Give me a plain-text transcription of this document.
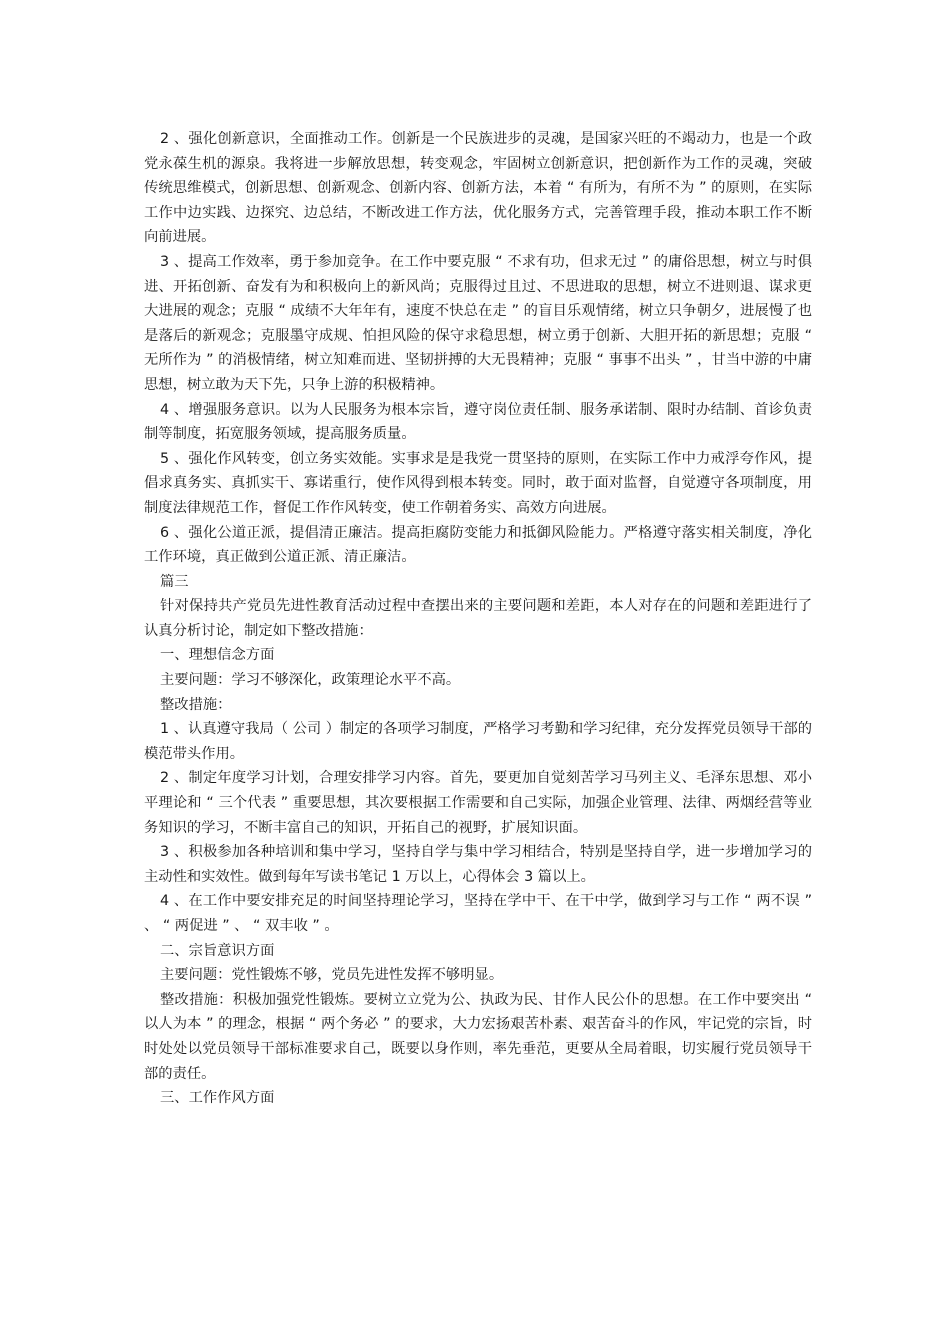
2 、强化创新意识，全面推动工作。创新是一个民族进步的灵魂，是国家兴旺的不竭动力，也是一个政党永葆生机的源泉。我将进一步解放思想，转变观念，牢固树立创新意识，把创新作为工作的灵魂，突破传统思维模式，创新思想、创新观念、创新内容、创新方法，本着 “ 有所为，有所不为 ” 的原则，在实际工作中边实践、边探究、边总结，不断改进工作方法，优化服务方式，完善管理手段，推动本职工作不断向前进展。

3 、提高工作效率，勇于参加竞争。在工作中要克服 “ 不求有功，但求无过 ” 的庸俗思想，树立与时俱进、开拓创新、奋发有为和积极向上的新风尚；克服得过且过、不思进取的思想，树立不进则退、谋求更大进展的观念；克服 “ 成绩不大年年有，速度不快总在走 ” 的盲目乐观情绪，树立只争朝夕，进展慢了也是落后的新观念；克服墨守成规、怕担风险的保守求稳思想，树立勇于创新、大胆开拓的新思想；克服 “ 无所作为 ” 的消极情绪，树立知难而进、坚韧拼搏的大无畏精神；克服 “ 事事不出头 ” ，甘当中游的中庸思想，树立敢为天下先，只争上游的积极精神。

4 、增强服务意识。以为人民服务为根本宗旨，遵守岗位责任制、服务承诺制、限时办结制、首诊负责制等制度，拓宽服务领域，提高服务质量。

5 、强化作风转变，创立务实效能。实事求是是我党一贯坚持的原则，在实际工作中力戒浮夸作风，提倡求真务实、真抓实干、寡诺重行，使作风得到根本转变。同时，敢于面对监督，自觉遵守各项制度，用制度法律规范工作，督促工作作风转变，使工作朝着务实、高效方向进展。

6 、强化公道正派，提倡清正廉洁。提高拒腐防变能力和抵御风险能力。严格遵守落实相关制度，净化工作环境，真正做到公道正派、清正廉洁。

篇三

针对保持共产党员先进性教育活动过程中查摆出来的主要问题和差距，本人对存在的问题和差距进行了认真分析讨论，制定如下整改措施：

一、理想信念方面

主要问题：学习不够深化，政策理论水平不高。

整改措施：

1 、认真遵守我局（ 公司 ）制定的各项学习制度，严格学习考勤和学习纪律，充分发挥党员领导干部的模范带头作用。

2 、制定年度学习计划，合理安排学习内容。首先，要更加自觉刻苦学习马列主义、毛泽东思想、邓小平理论和 “ 三个代表 ” 重要思想，其次要根据工作需要和自己实际，加强企业管理、法律、两烟经营等业务知识的学习，不断丰富自己的知识，开拓自己的视野，扩展知识面。

3 、积极参加各种培训和集中学习，坚持自学与集中学习相结合，特别是坚持自学，进一步增加学习的主动性和实效性。做到每年写读书笔记 1 万以上，心得体会 3 篇以上。

4 、在工作中要安排充足的时间坚持理论学习，坚持在学中干、在干中学，做到学习与工作 “ 两不误 ” 、 “ 两促进 ” 、 “ 双丰收 ” 。

二、宗旨意识方面

主要问题：党性锻炼不够，党员先进性发挥不够明显。

整改措施：积极加强党性锻炼。要树立立党为公、执政为民、甘作人民公仆的思想。在工作中要突出 “ 以人为本 ” 的理念，根据 “ 两个务必 ” 的要求，大力宏扬艰苦朴素、艰苦奋斗的作风，牢记党的宗旨，时时处处以党员领导干部标准要求自己，既要以身作则，率先垂范，更要从全局着眼，切实履行党员领导干部的责任。

三、工作作风方面
